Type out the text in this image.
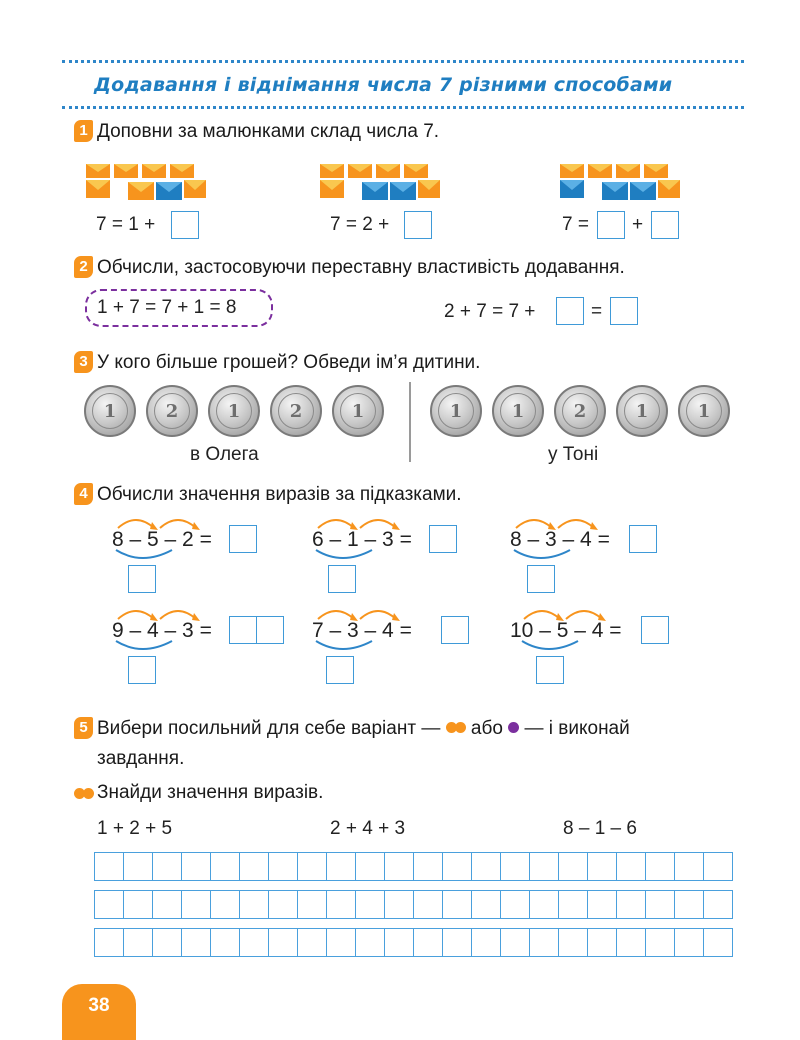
Додавання і віднімання числа 7 різними способами
1 Доповни за малюнками склад числа 7.
7 = 1 +	7 = 2 +	7 = +
2 Обчисли, застосовуючи переставну властивість додавання.
1 + 7 = 7 + 1 = 8	2 + 7 = 7 +	=
3 У кого більше грошей? Обведи ім’я дитини.
1	2	1	2	1
в Олега
1	1	2	1	1
у Тоні
4 Обчисли значення виразів за підказками.
8 – 5 – 2 =	6 – 1 – 3 =	8 – 3 – 4 =
9 – 4 – 3 =	7 – 3 – 4 =	10 – 5 – 4 =
5 Вибери посильний для себе варіант — або — і виконай
завдання.
Знайди значення виразів.
1 + 2 + 5	2 + 4 + 3	8 – 1 – 6
38
